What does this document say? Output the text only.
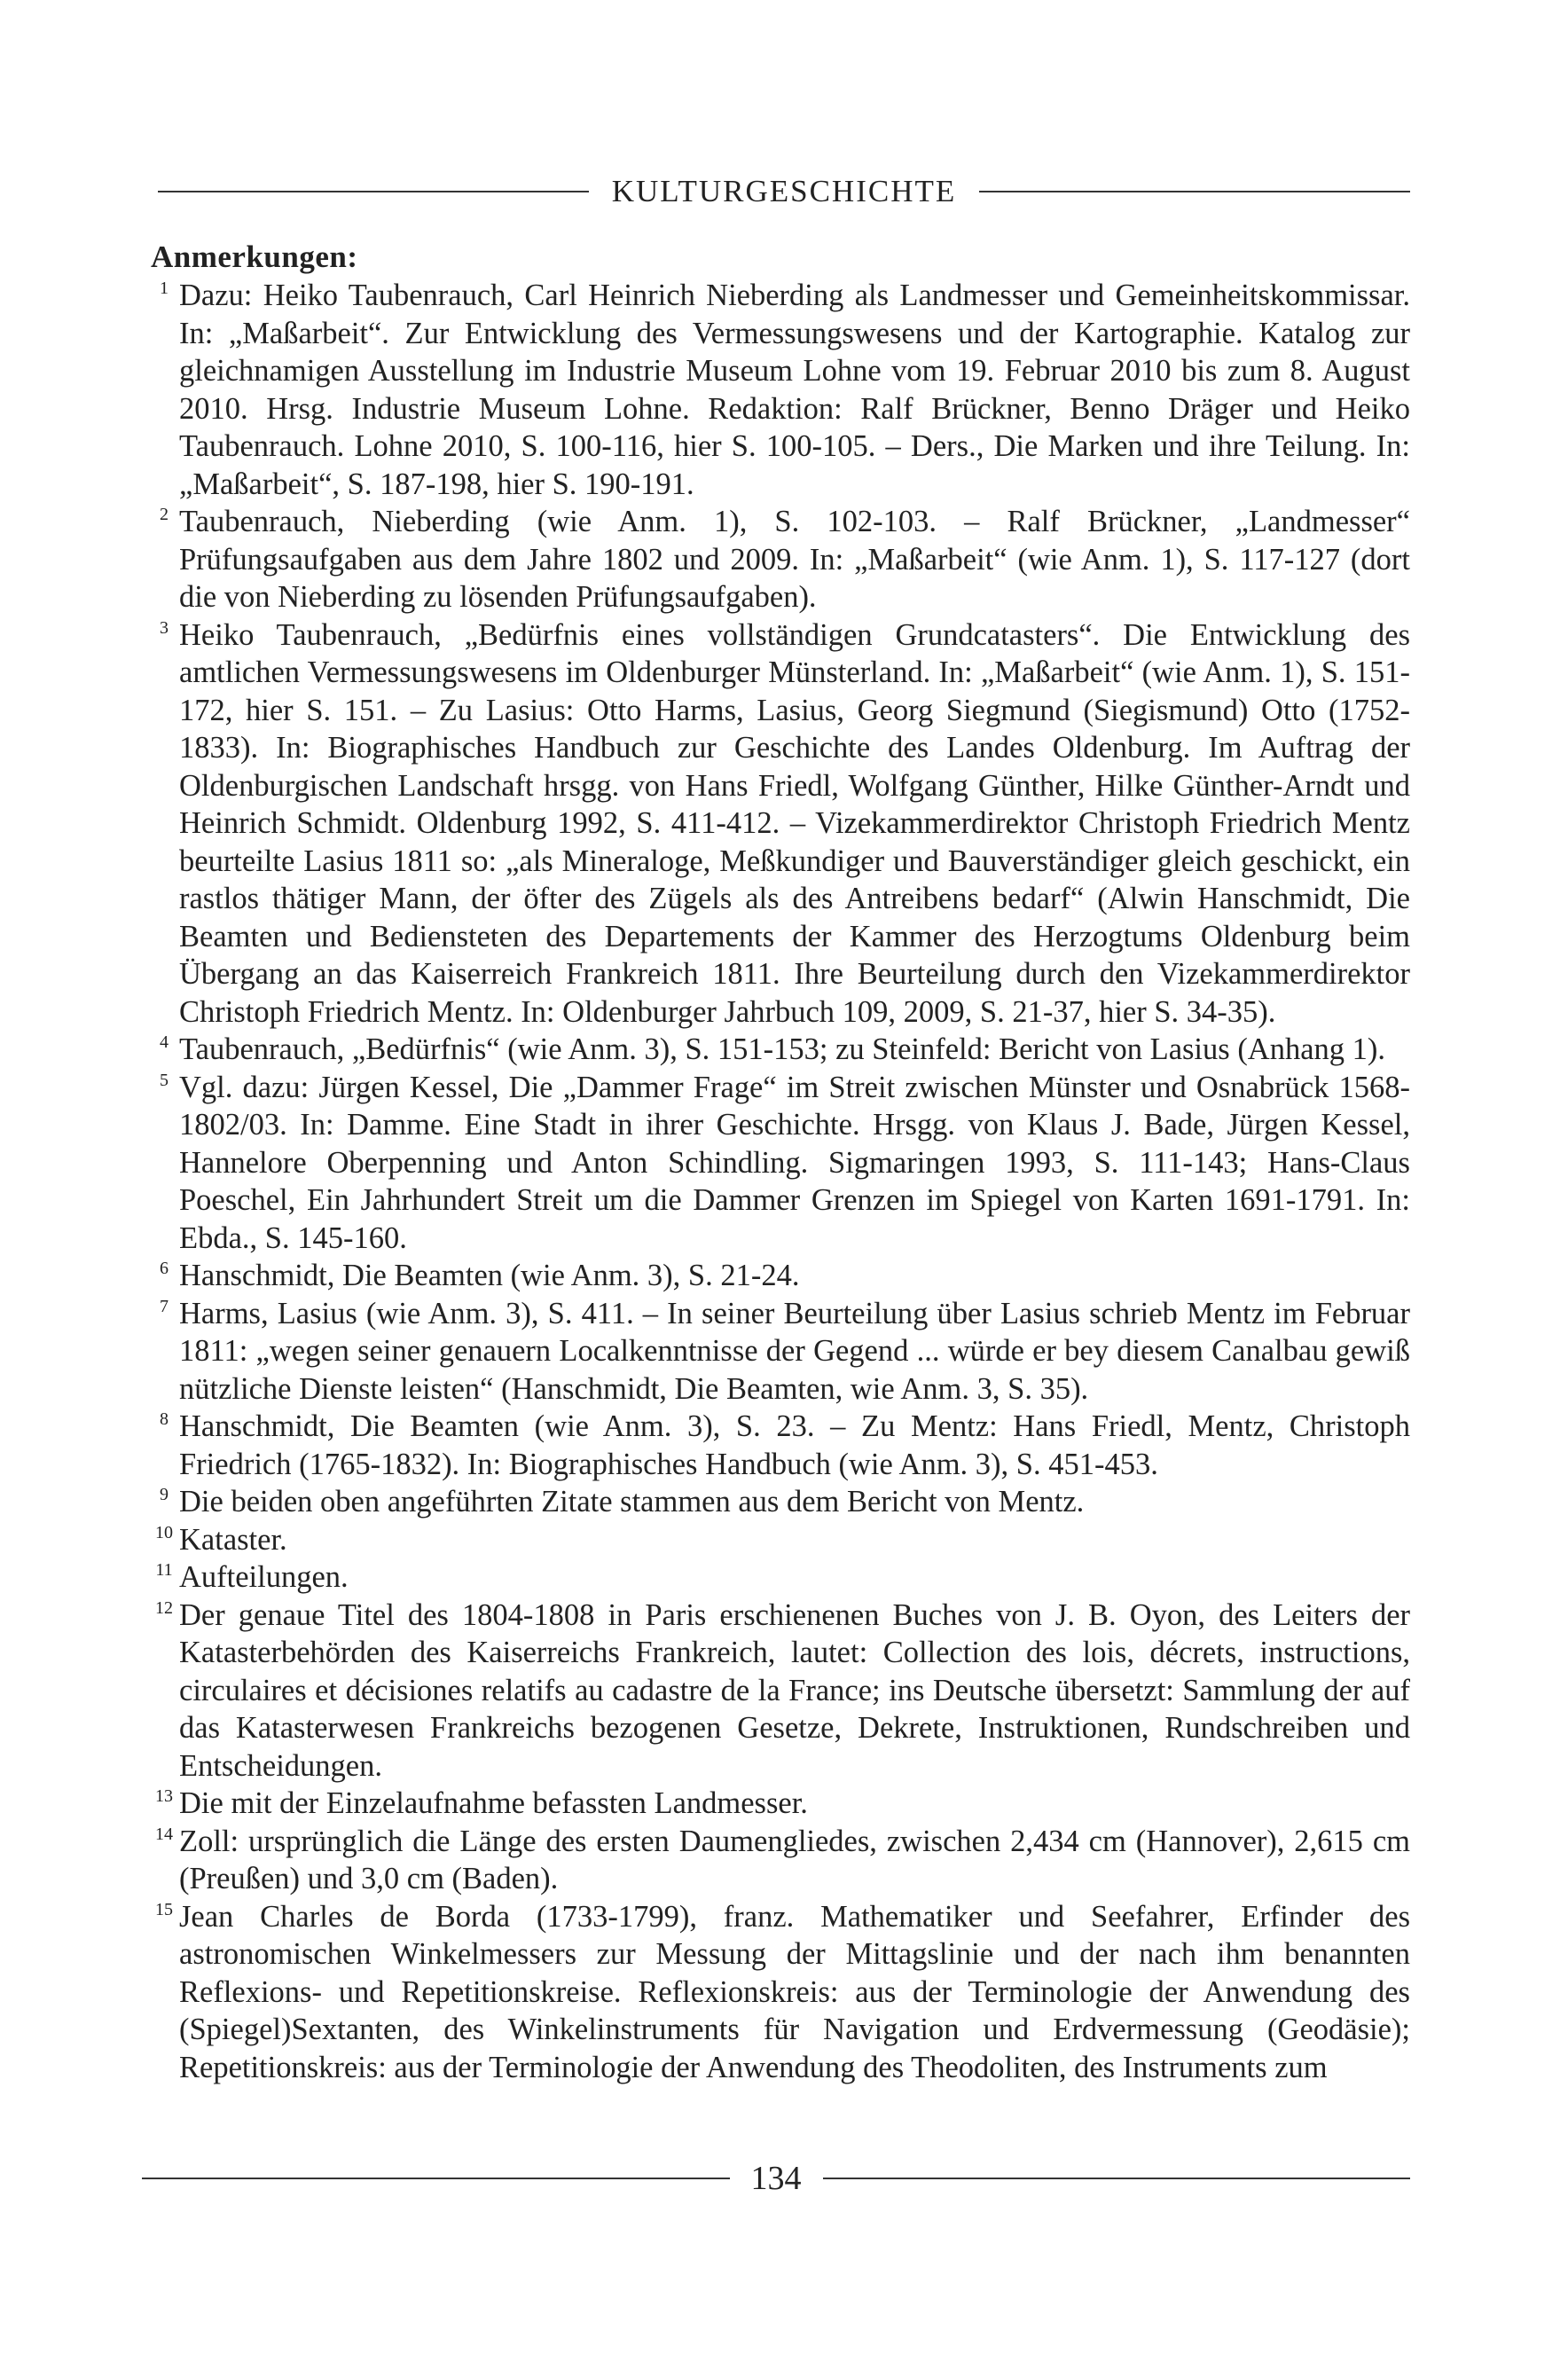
KULTURGESCHICHTE
Anmerkungen:
1 Dazu: Heiko Taubenrauch, Carl Heinrich Nieberding als Landmesser und Gemeinheitskommissar. In: „Maßarbeit“. Zur Entwicklung des Vermessungswesens und der Kartographie. Katalog zur gleichnamigen Ausstellung im Industrie Museum Lohne vom 19. Februar 2010 bis zum 8. August 2010. Hrsg. Industrie Museum Lohne. Redaktion: Ralf Brückner, Benno Dräger und Heiko Taubenrauch. Lohne 2010, S. 100-116, hier S. 100-105. – Ders., Die Marken und ihre Teilung. In: „Maßarbeit“, S. 187-198, hier S. 190-191.
2 Taubenrauch, Nieberding (wie Anm. 1), S. 102-103. – Ralf Brückner, „Landmesser“ Prüfungsaufgaben aus dem Jahre 1802 und 2009. In: „Maßarbeit“ (wie Anm. 1), S. 117-127 (dort die von Nieberding zu lösenden Prüfungsaufgaben).
3 Heiko Taubenrauch, „Bedürfnis eines vollständigen Grundcatasters“. Die Entwicklung des amtlichen Vermessungswesens im Oldenburger Münsterland. In: „Maßarbeit“ (wie Anm. 1), S. 151-172, hier S. 151. – Zu Lasius: Otto Harms, Lasius, Georg Siegmund (Siegismund) Otto (1752-1833). In: Biographisches Handbuch zur Geschichte des Landes Oldenburg. Im Auftrag der Oldenburgischen Landschaft hrsgg. von Hans Friedl, Wolfgang Günther, Hilke Günther-Arndt und Heinrich Schmidt. Oldenburg 1992, S. 411-412. – Vizekammerdirektor Christoph Friedrich Mentz beurteilte Lasius 1811 so: „als Mineraloge, Meßkundiger und Bauverständiger gleich geschickt, ein rastlos thätiger Mann, der öfter des Zügels als des Antreibens bedarf“ (Alwin Hanschmidt, Die Beamten und Bediensteten des Departements der Kammer des Herzogtums Oldenburg beim Übergang an das Kaiserreich Frankreich 1811. Ihre Beurteilung durch den Vizekammerdirektor Christoph Friedrich Mentz. In: Oldenburger Jahrbuch 109, 2009, S. 21-37, hier S. 34-35).
4 Taubenrauch, „Bedürfnis“ (wie Anm. 3), S. 151-153; zu Steinfeld: Bericht von Lasius (Anhang 1).
5 Vgl. dazu: Jürgen Kessel, Die „Dammer Frage“ im Streit zwischen Münster und Osnabrück 1568-1802/03. In: Damme. Eine Stadt in ihrer Geschichte. Hrsgg. von Klaus J. Bade, Jürgen Kessel, Hannelore Oberpenning und Anton Schindling. Sigmaringen 1993, S. 111-143; Hans-Claus Poeschel, Ein Jahrhundert Streit um die Dammer Grenzen im Spiegel von Karten 1691-1791. In: Ebda., S. 145-160.
6 Hanschmidt, Die Beamten (wie Anm. 3), S. 21-24.
7 Harms, Lasius (wie Anm. 3), S. 411. – In seiner Beurteilung über Lasius schrieb Mentz im Februar 1811: „wegen seiner genauern Localkenntnisse der Gegend ... würde er bey diesem Canalbau gewiß nützliche Dienste leisten“ (Hanschmidt, Die Beamten, wie Anm. 3, S. 35).
8 Hanschmidt, Die Beamten (wie Anm. 3), S. 23. – Zu Mentz: Hans Friedl, Mentz, Christoph Friedrich (1765-1832). In: Biographisches Handbuch (wie Anm. 3), S. 451-453.
9 Die beiden oben angeführten Zitate stammen aus dem Bericht von Mentz.
10 Kataster.
11 Aufteilungen.
12 Der genaue Titel des 1804-1808 in Paris erschienenen Buches von J. B. Oyon, des Leiters der Katasterbehörden des Kaiserreichs Frankreich, lautet: Collection des lois, décrets, instructions, circulaires et décisiones relatifs au cadastre de la France; ins Deutsche übersetzt: Sammlung der auf das Katasterwesen Frankreichs bezogenen Gesetze, Dekrete, Instruktionen, Rundschreiben und Entscheidungen.
13 Die mit der Einzelaufnahme befassten Landmesser.
14 Zoll: ursprünglich die Länge des ersten Daumengliedes, zwischen 2,434 cm (Hannover), 2,615 cm (Preußen) und 3,0 cm (Baden).
15 Jean Charles de Borda (1733-1799), franz. Mathematiker und Seefahrer, Erfinder des astronomischen Winkelmessers zur Messung der Mittagslinie und der nach ihm benannten Reflexions- und Repetitionskreise. Reflexionskreis: aus der Terminologie der Anwendung des (Spiegel)Sextanten, des Winkelinstruments für Navigation und Erdvermessung (Geodäsie); Repetitionskreis: aus der Terminologie der Anwendung des Theodoliten, des Instruments zum
134
